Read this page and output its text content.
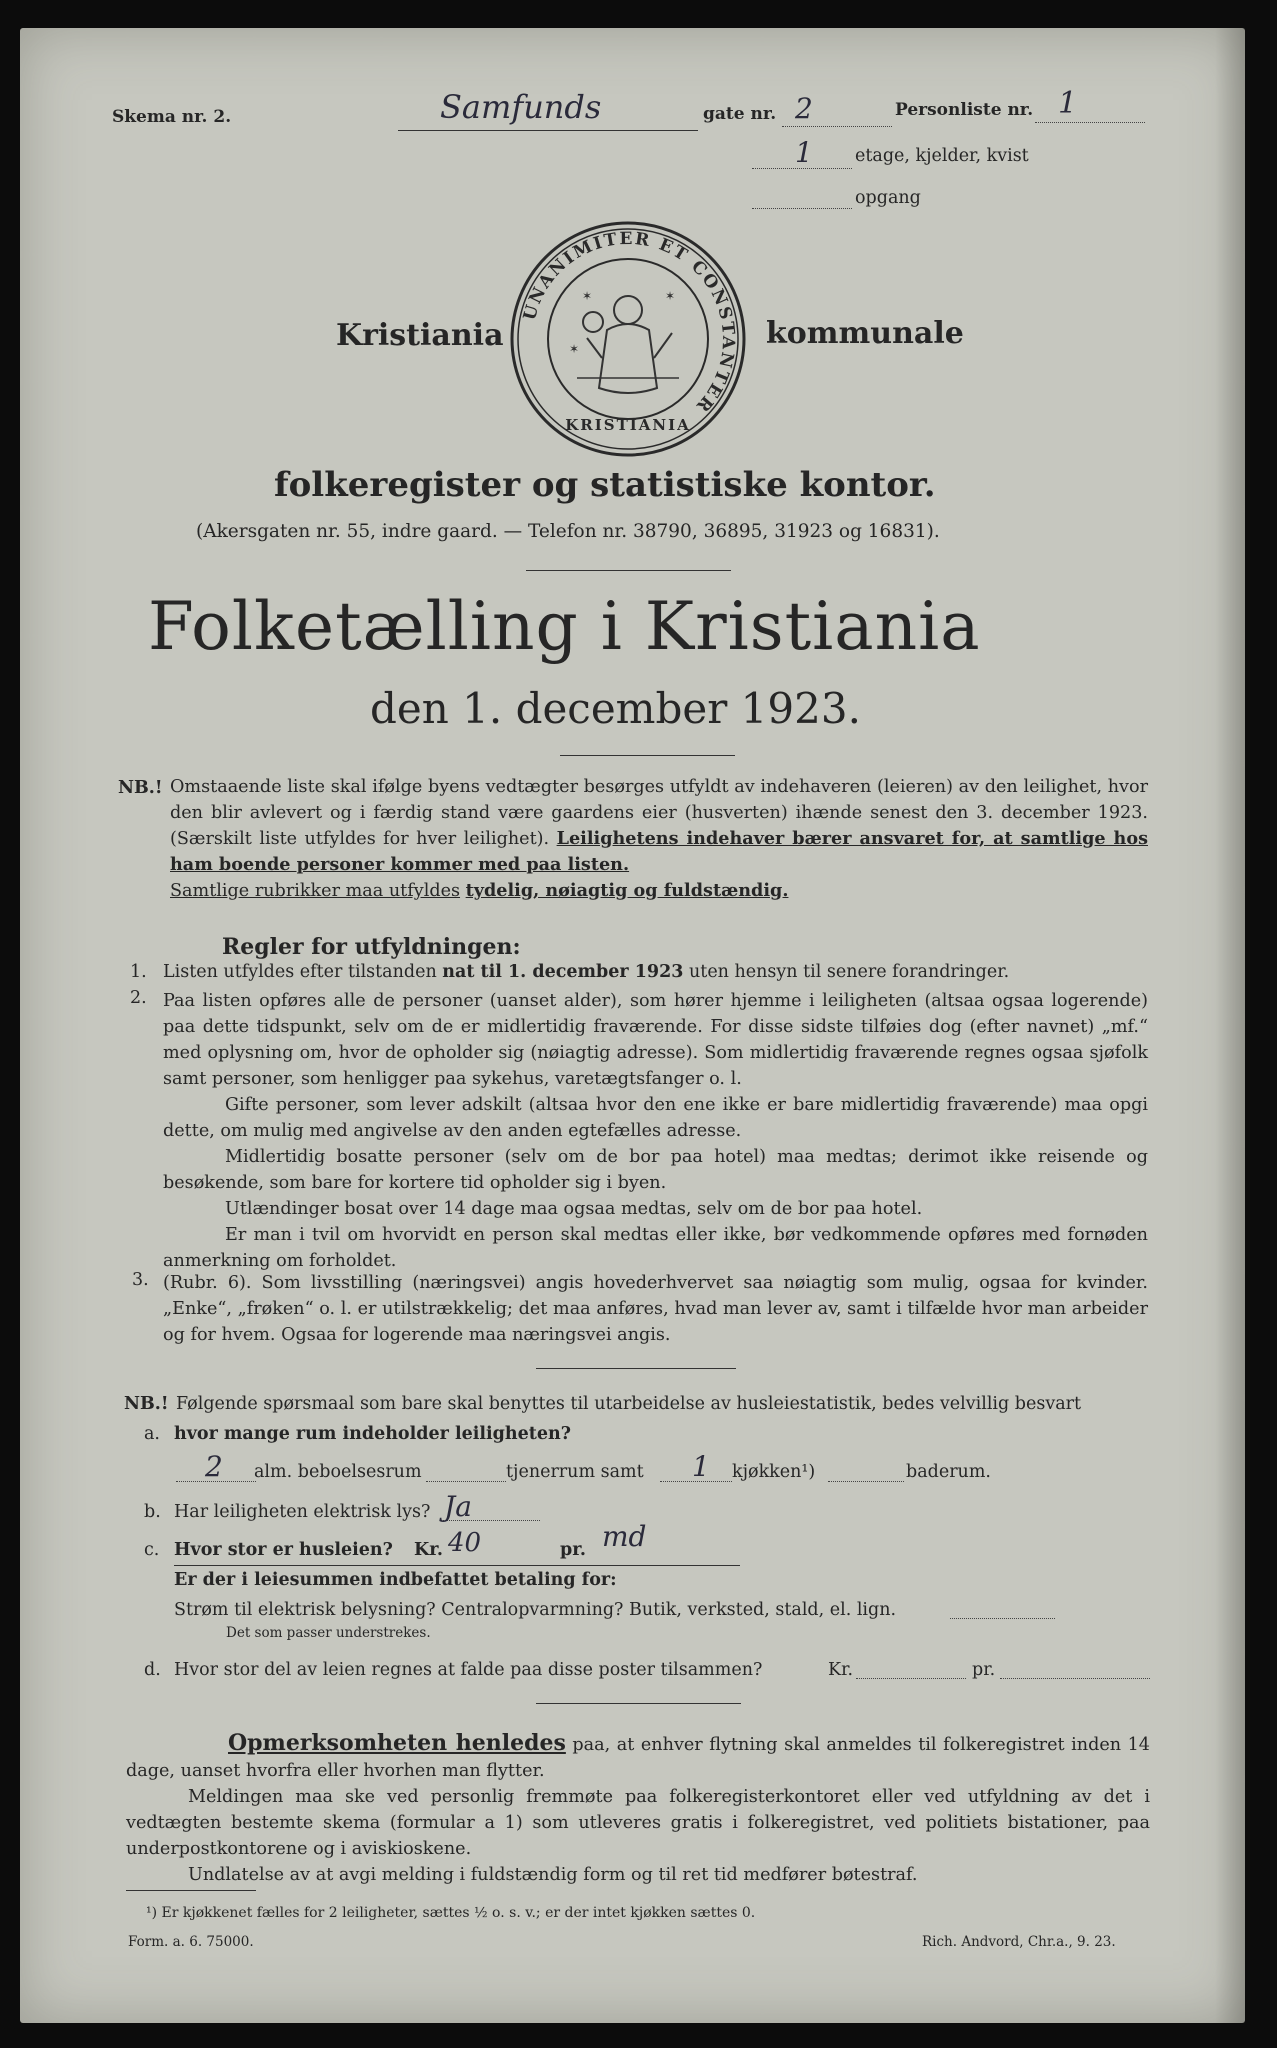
Skema nr. 2.	Samfunds	gate nr. 2	Personliste nr. 1
1 etage, kjelder, kvist
opgang
Kristiania	kommunale
UNANIMITER ET CONSTANTER
KRISTIANIA
✶	✶
✶
folkeregister og statistiske kontor.
(Akersgaten nr. 55, indre gaard. — Telefon nr. 38790, 36895, 31923 og 16831).
Folketælling i Kristiania
den 1. december 1923.
NB.! Omstaaende liste skal ifølge byens vedtægter besørges utfyldt av indehaveren (leieren) av den leilighet, hvor den blir avlevert og i færdig stand være gaardens eier (husverten) ihænde senest den 3. december 1923. (Særskilt liste utfyldes for hver leilighet). Leilighetens indehaver bærer ansvaret for, at samtlige hos ham boende personer kommer med paa listen.
Samtlige rubrikker maa utfyldes tydelig, nøiagtig og fuldstændig.
Regler for utfyldningen:
1. Listen utfyldes efter tilstanden nat til 1. december 1923 uten hensyn til senere forandringer.
2. Paa listen opføres alle de personer (uanset alder), som hører hjemme i leiligheten (altsaa ogsaa logerende) paa dette tidspunkt, selv om de er midlertidig fraværende. For disse sidste tilføies dog (efter navnet) „mf.“ med oplysning om, hvor de opholder sig (nøiagtig adresse). Som midlertidig fraværende regnes ogsaa sjøfolk samt personer, som henligger paa sykehus, varetægtsfanger o. l.

Gifte personer, som lever adskilt (altsaa hvor den ene ikke er bare midlertidig fraværende) maa opgi dette, om mulig med angivelse av den anden egtefælles adresse.

Midlertidig bosatte personer (selv om de bor paa hotel) maa medtas; derimot ikke reisende og besøkende, som bare for kortere tid opholder sig i byen.

Utlændinger bosat over 14 dage maa ogsaa medtas, selv om de bor paa hotel.

Er man i tvil om hvorvidt en person skal medtas eller ikke, bør vedkommende opføres med fornøden anmerkning om forholdet.

3. (Rubr. 6). Som livsstilling (næringsvei) angis hovederhvervet saa nøiagtig som mulig, ogsaa for kvinder. „Enke“, „frøken“ o. l. er utilstrækkelig; det maa anføres, hvad man lever av, samt i tilfælde hvor man arbeider og for hvem. Ogsaa for logerende maa næringsvei angis.

NB.! Følgende spørsmaal som bare skal benyttes til utarbeidelse av husleiestatistik, bedes velvillig besvart
a. hvor mange rum indeholder leiligheten?
2 alm. beboelsesrum	tjenerrum samt 1 kjøkken¹)	baderum.
b. Har leiligheten elektrisk lys? Ja
c. Hvor stor er husleien? Kr. 40	pr. md
Er der i leiesummen indbefattet betaling for:
Strøm til elektrisk belysning? Centralopvarmning? Butik, verksted, stald, el. lign.
Det som passer understrekes.
d. Hvor stor del av leien regnes at falde paa disse poster tilsammen?	Kr.	pr.

Opmerksomheten henledes paa, at enhver flytning skal anmeldes til folkeregistret inden 14 dage, uanset hvorfra eller hvorhen man flytter.

Meldingen maa ske ved personlig fremmøte paa folkeregisterkontoret eller ved utfyldning av det i vedtægten bestemte skema (formular a 1) som utleveres gratis i folkeregistret, ved politiets bistationer, paa underpostkontorene og i aviskioskene.

Undlatelse av at avgi melding i fuldstændig form og til ret tid medfører bøtestraf.

¹) Er kjøkkenet fælles for 2 leiligheter, sættes ½ o. s. v.; er der intet kjøkken sættes 0.
Form. a. 6. 75000.	Rich. Andvord, Chr.a., 9. 23.
